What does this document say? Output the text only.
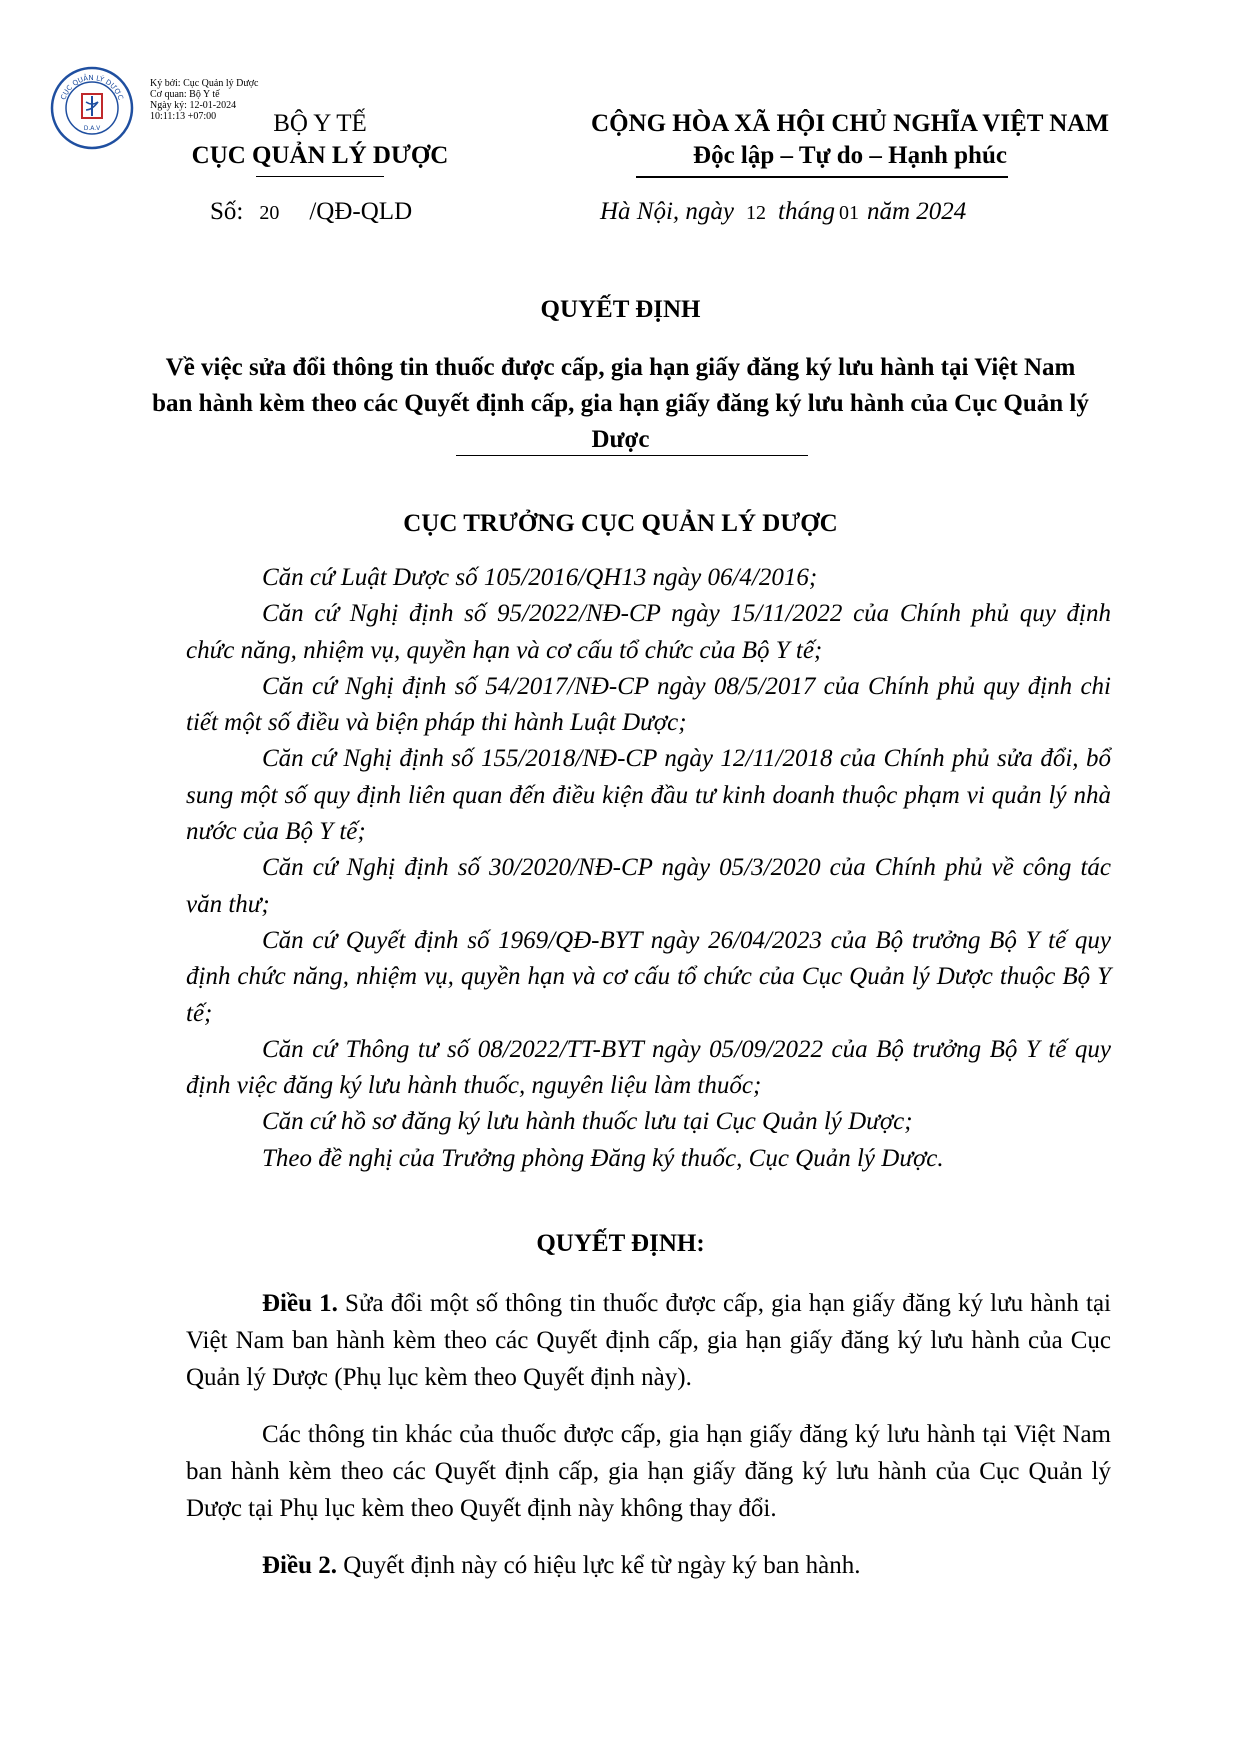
CỤC QUẢN LÝ DƯỢC
D.A.V
Ký bởi: Cục Quản lý Dược
Cơ quan: Bộ Y tế
Ngày ký: 12-01-2024 10:11:13 +07:00	BỘ Y TẾ
CỤC QUẢN LÝ DƯỢC
CỘNG HÒA XÃ HỘI CHỦ NGHĨA VIỆT NAM
Độc lập – Tự do – Hạnh phúc
Số: 20 /QĐ-QLD	Hà Nội, ngày 12 tháng 01 năm 2024
QUYẾT ĐỊNH
Về việc sửa đổi thông tin thuốc được cấp, gia hạn giấy đăng ký lưu hành tại Việt Nam ban hành kèm theo các Quyết định cấp, gia hạn giấy đăng ký lưu hành của Cục Quản lý Dược
CỤC TRƯỞNG CỤC QUẢN LÝ DƯỢC

Căn cứ Luật Dược số 105/2016/QH13 ngày 06/4/2016;

Căn cứ Nghị định số 95/2022/NĐ-CP ngày 15/11/2022 của Chính phủ quy định chức năng, nhiệm vụ, quyền hạn và cơ cấu tổ chức của Bộ Y tế;

Căn cứ Nghị định số 54/2017/NĐ-CP ngày 08/5/2017 của Chính phủ quy định chi tiết một số điều và biện pháp thi hành Luật Dược;

Căn cứ Nghị định số 155/2018/NĐ-CP ngày 12/11/2018 của Chính phủ sửa đổi, bổ sung một số quy định liên quan đến điều kiện đầu tư kinh doanh thuộc phạm vi quản lý nhà nước của Bộ Y tế;

Căn cứ Nghị định số 30/2020/NĐ-CP ngày 05/3/2020 của Chính phủ về công tác văn thư;

Căn cứ Quyết định số 1969/QĐ-BYT ngày 26/04/2023 của Bộ trưởng Bộ Y tế quy định chức năng, nhiệm vụ, quyền hạn và cơ cấu tổ chức của Cục Quản lý Dược thuộc Bộ Y tế;

Căn cứ Thông tư số 08/2022/TT-BYT ngày 05/09/2022 của Bộ trưởng Bộ Y tế quy định việc đăng ký lưu hành thuốc, nguyên liệu làm thuốc;

Căn cứ hồ sơ đăng ký lưu hành thuốc lưu tại Cục Quản lý Dược;

Theo đề nghị của Trưởng phòng Đăng ký thuốc, Cục Quản lý Dược.

QUYẾT ĐỊNH:

Điều 1. Sửa đổi một số thông tin thuốc được cấp, gia hạn giấy đăng ký lưu hành tại Việt Nam ban hành kèm theo các Quyết định cấp, gia hạn giấy đăng ký lưu hành của Cục Quản lý Dược (Phụ lục kèm theo Quyết định này).

Các thông tin khác của thuốc được cấp, gia hạn giấy đăng ký lưu hành tại Việt Nam ban hành kèm theo các Quyết định cấp, gia hạn giấy đăng ký lưu hành của Cục Quản lý Dược tại Phụ lục kèm theo Quyết định này không thay đổi.

Điều 2. Quyết định này có hiệu lực kể từ ngày ký ban hành.
